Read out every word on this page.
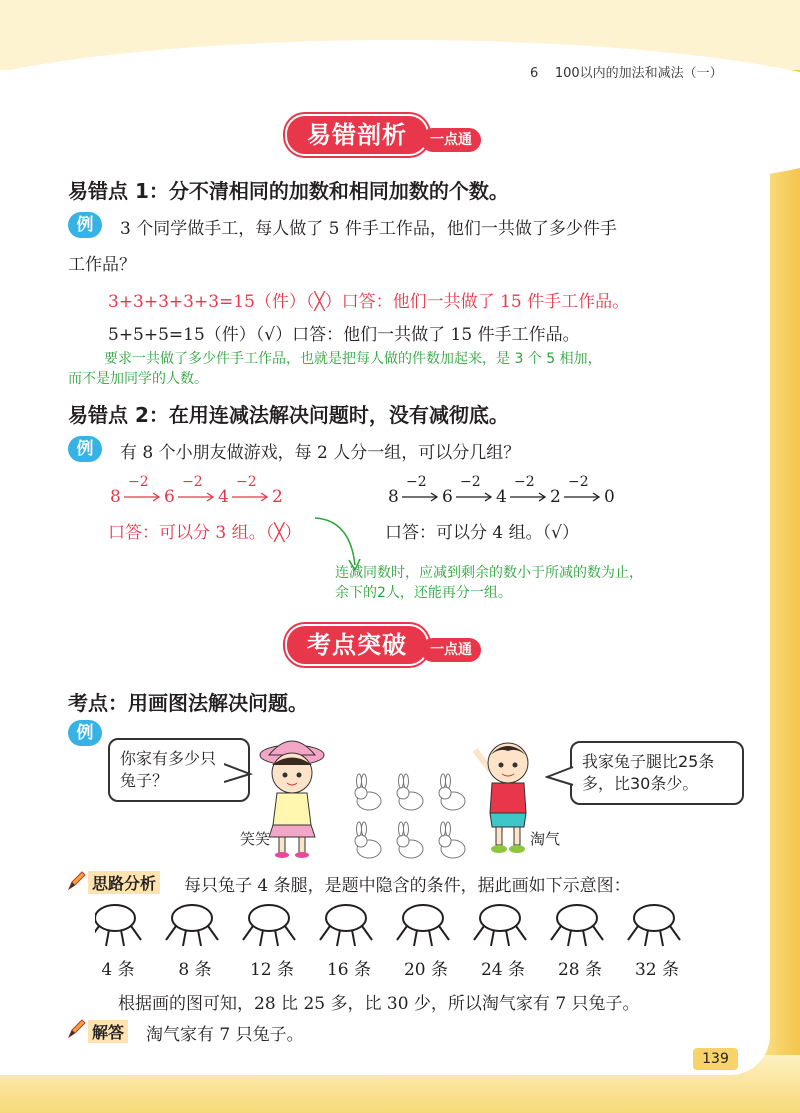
6 100以内的加法和减法（一）
易错剖析	一点通
易错点 1：分不清相同的加数和相同加数的个数。
例	3 个同学做手工，每人做了 5 件手工作品，他们一共做了多少件手
工作品？
3+3+3+3+3=15（件）（╳）口答：他们一共做了 15 件手工作品。
5+5+5=15（件）（√）口答：他们一共做了 15 件手工作品。
要求一共做了多少件手工作品，也就是把每人做的件数加起来，是 3 个 5 相加，
而不是加同学的人数。
易错点 2：在用连减法解决问题时，没有减彻底。
例	有 8 个小朋友做游戏，每 2 人分一组，可以分几组？
8
−2
6
−2
4
−2
2	8
−2
6
−2
4
−2
2
−2
0
口答：可以分 3 组。（╳）	口答：可以分 4 组。（√）
连减同数时，应减到剩余的数小于所减的数为止，
余下的2人，还能再分一组。
考点突破	一点通
考点：用画图法解决问题。
例
你家有多少只
兔子？
我家兔子腿比25条
多，比30条少。
笑笑	淘气
思路分析 每只兔子 4 条腿，是题中隐含的条件，据此画如下示意图：
4 条	8 条	12 条 16 条 20 条 24 条 28 条 32 条
根据画的图可知，28 比 25 多，比 30 少，所以淘气家有 7 只兔子。
解答 淘气家有 7 只兔子。
139
